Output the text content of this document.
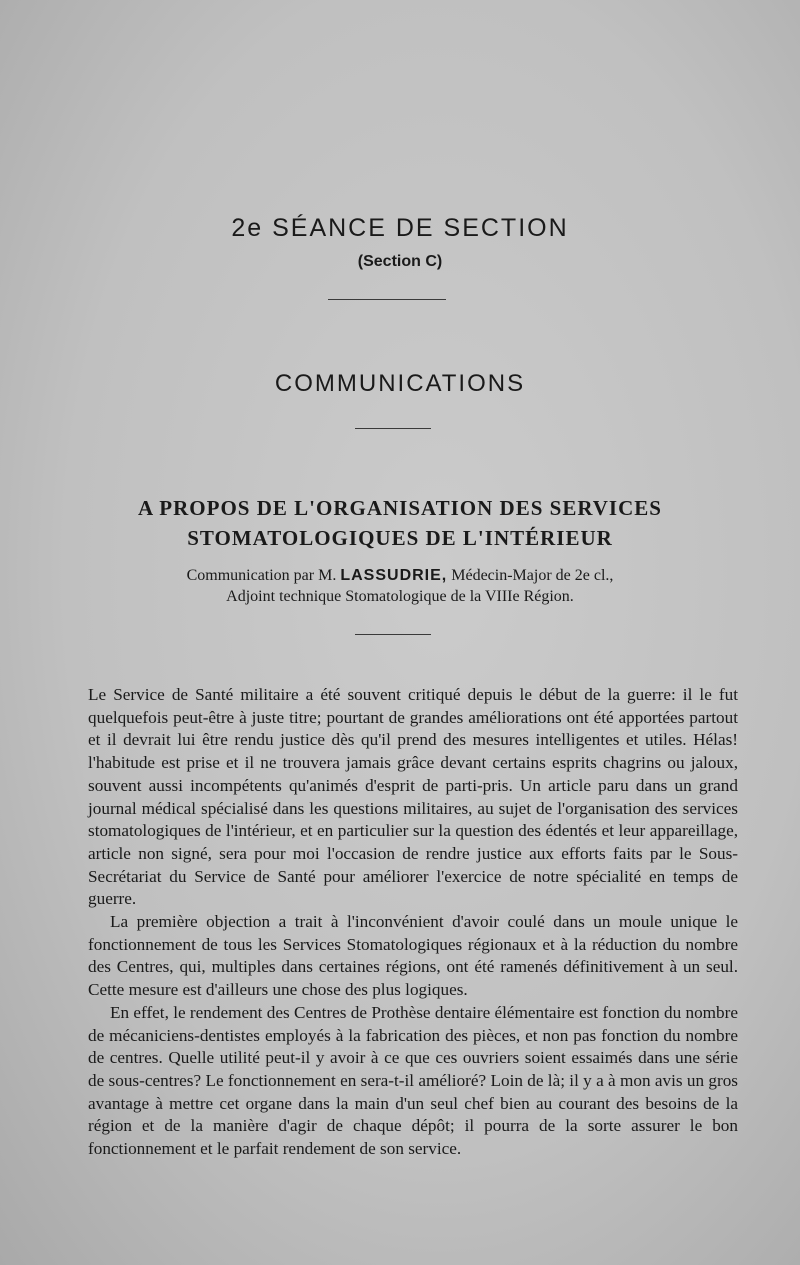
2e SÉANCE DE SECTION
(Section C)
COMMUNICATIONS
A PROPOS DE L'ORGANISATION DES SERVICES
STOMATOLOGIQUES DE L'INTÉRIEUR
Communication par M. LASSUDRIE, Médecin-Major de 2e cl.,
Adjoint technique Stomatologique de la VIIIe Région.

Le Service de Santé militaire a été souvent critiqué depuis le début de la guerre: il le fut quelquefois peut-être à juste titre; pourtant de grandes améliorations ont été apportées partout et il devrait lui être rendu justice dès qu'il prend des mesures intelligentes et utiles. Hélas! l'habitude est prise et il ne trouvera jamais grâce devant certains esprits chagrins ou jaloux, souvent aussi incompétents qu'animés d'esprit de parti-pris. Un article paru dans un grand journal médical spécialisé dans les questions militaires, au sujet de l'organisation des services stomatologiques de l'intérieur, et en particulier sur la question des édentés et leur appareillage, article non signé, sera pour moi l'occasion de rendre justice aux efforts faits par le Sous-Secrétariat du Service de Santé pour améliorer l'exercice de notre spécialité en temps de guerre.

La première objection a trait à l'inconvénient d'avoir coulé dans un moule unique le fonctionnement de tous les Services Stomatologiques régionaux et à la réduction du nombre des Centres, qui, multiples dans certaines régions, ont été ramenés définitivement à un seul. Cette mesure est d'ailleurs une chose des plus logiques.

En effet, le rendement des Centres de Prothèse dentaire élémentaire est fonction du nombre de mécaniciens-dentistes employés à la fabrication des pièces, et non pas fonction du nombre de centres. Quelle utilité peut-il y avoir à ce que ces ouvriers soient essaimés dans une série de sous-centres? Le fonctionnement en sera-t-il amélioré? Loin de là; il y a à mon avis un gros avantage à mettre cet organe dans la main d'un seul chef bien au courant des besoins de la région et de la manière d'agir de chaque dépôt; il pourra de la sorte assurer le bon fonctionnement et le parfait rendement de son service.
